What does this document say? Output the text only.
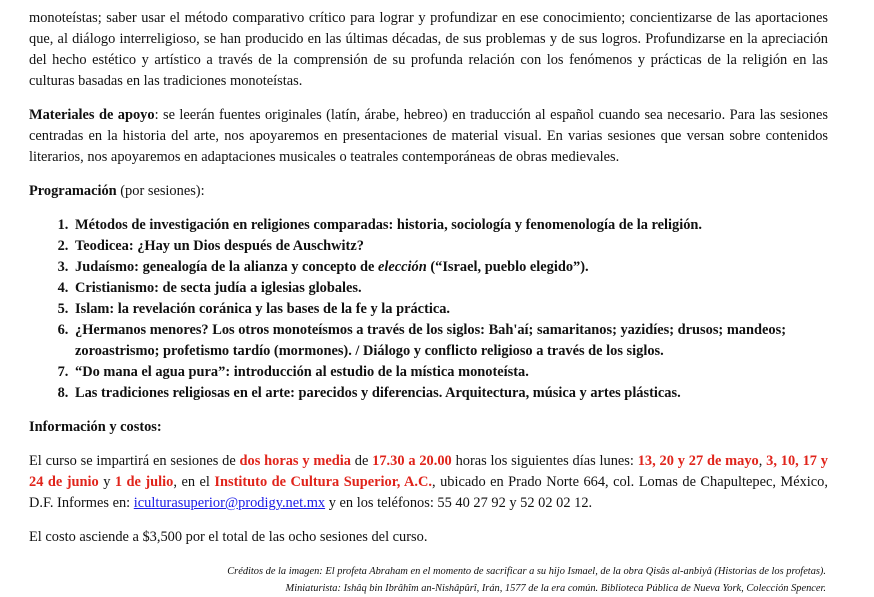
monoteístas; saber usar el método comparativo crítico para lograr y profundizar en ese conocimiento; concientizarse de las aportaciones que, al diálogo interreligioso, se han producido en las últimas décadas, de sus problemas y de sus logros. Profundizarse en la apreciación del hecho estético y artístico a través de la comprensión de su profunda relación con los fenómenos y prácticas de la religión en las culturas basadas en las tradiciones monoteístas.

Materiales de apoyo: se leerán fuentes originales (latín, árabe, hebreo) en traducción al español cuando sea necesario. Para las sesiones centradas en la historia del arte, nos apoyaremos en presentaciones de material visual. En varias sesiones que versan sobre contenidos literarios, nos apoyaremos en adaptaciones musicales o teatrales contemporáneas de obras medievales.

Programación (por sesiones):

1. Métodos de investigación en religiones comparadas: historia, sociología y fenomenología de la religión.
2. Teodicea: ¿Hay un Dios después de Auschwitz?
3. Judaísmo: genealogía de la alianza y concepto de elección (“Israel, pueblo elegido”).
4. Cristianismo: de secta judía a iglesias globales.
5. Islam: la revelación coránica y las bases de la fe y la práctica.
6. ¿Hermanos menores? Los otros monoteísmos a través de los siglos: Bah'aí; samaritanos; yazidíes; drusos; mandeos; zoroastrismo; profetismo tardío (mormones). / Diálogo y conflicto religioso a través de los siglos.
7. “Do mana el agua pura”: introducción al estudio de la mística monoteísta.
8. Las tradiciones religiosas en el arte: parecidos y diferencias. Arquitectura, música y artes plásticas.

Información y costos:

El curso se impartirá en sesiones de dos horas y media de 17.30 a 20.00 horas los siguientes días lunes: 13, 20 y 27 de mayo, 3, 10, 17 y 24 de junio y 1 de julio, en el Instituto de Cultura Superior, A.C., ubicado en Prado Norte 664, col. Lomas de Chapultepec, México, D.F. Informes en: iculturasuperior@prodigy.net.mx y en los teléfonos: 55 40 27 92 y 52 02 02 12.

El costo asciende a $3,500 por el total de las ocho sesiones del curso.

Créditos de la imagen: El profeta Abraham en el momento de sacrificar a su hijo Ismael, de la obra Qisâs al-anbiyâ (Historias de los profetas).
Miniaturista: Ishâq bin Ibrâhîm an-Nishâpûrî, Irán, 1577 de la era común. Biblioteca Pública de Nueva York, Colección Spencer.
